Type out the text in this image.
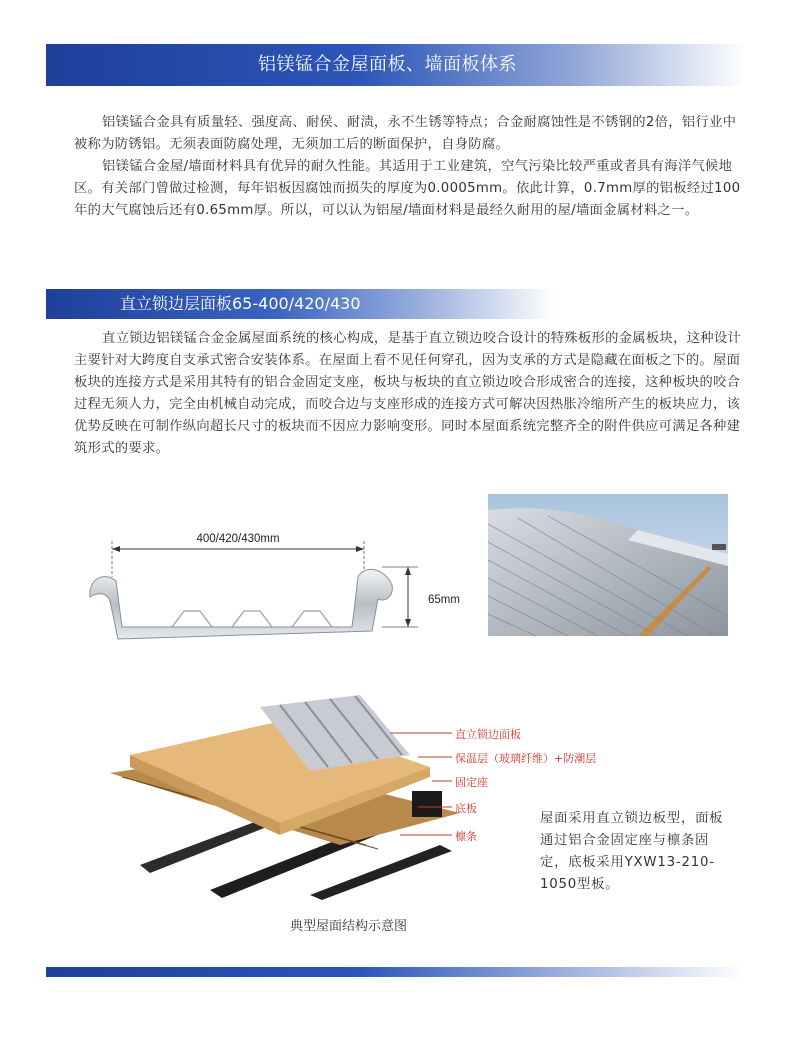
铝镁锰合金屋面板、墙面板体系

铝镁锰合金具有质量轻、强度高、耐侯、耐渍，永不生锈等特点；合金耐腐蚀性是不锈钢的2倍，铝行业中被称为防锈铝。无须表面防腐处理，无须加工后的断面保护，自身防腐。

铝镁锰合金屋/墙面材料具有优异的耐久性能。其适用于工业建筑，空气污染比较严重或者具有海洋气候地区。有关部门曾做过检测，每年铝板因腐蚀而损失的厚度为0.0005mm。依此计算，0.7mm厚的铝板经过100年的大气腐蚀后还有0.65mm厚。所以，可以认为铝屋/墙面材料是最经久耐用的屋/墙面金属材料之一。

直立锁边层面板65-400/420/430

直立锁边铝镁锰合金金属屋面系统的核心构成，是基于直立锁边咬合设计的特殊板形的金属板块，这种设计主要针对大跨度自支承式密合安装体系。在屋面上看不见任何穿孔，因为支承的方式是隐藏在面板之下的。屋面板块的连接方式是采用其特有的铝合金固定支座，板块与板块的直立锁边咬合形成密合的连接，这种板块的咬合过程无须人力，完全由机械自动完成，而咬合边与支座形成的连接方式可解决因热胀冷缩所产生的板块应力，该优势反映在可制作纵向超长尺寸的板块而不因应力影响变形。同时本屋面系统完整齐全的附件供应可满足各种建筑形式的要求。

400/420/430mm
65mm
直立锁边面板
保温层（玻璃纤维）+防潮层
固定座
底板
檩条
典型屋面结构示意图
屋面采用直立锁边板型，面板通过铝合金固定座与檩条固定，底板采用YXW13-210-1050型板。
